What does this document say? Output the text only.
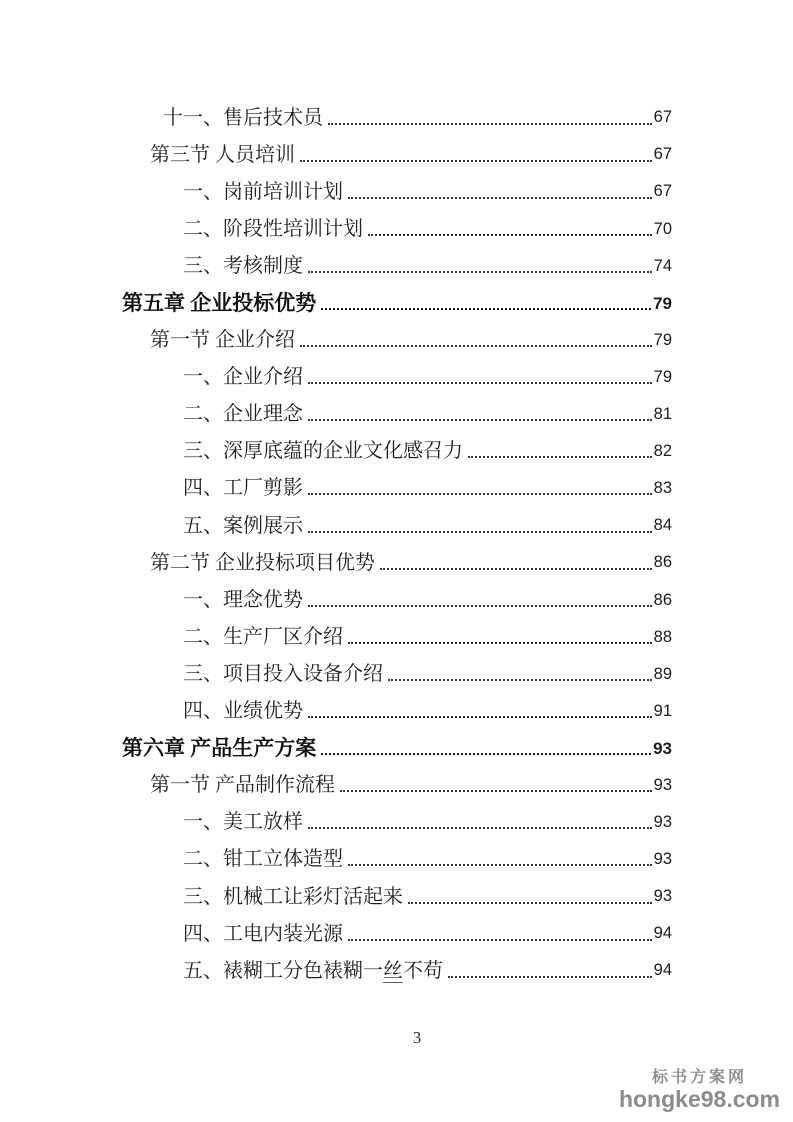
十一、 售后技术员	67
第三节 人员培训	67
一、 岗前培训计划	67
二、 阶段性培训计划	70
三、 考核制度	74
第五章 企业投标优势	79
第一节 企业介绍	79
一、 企业介绍	79
二、 企业理念	81
三、 深厚底蕴的企业文化感召力	82
四、 工厂剪影	83
五、 案例展示	84
第二节 企业投标项目优势	86
一、 理念优势	86
二、 生产厂区介绍	88
三、 项目投入设备介绍	89
四、 业绩优势	91
第六章 产品生产方案	93
第一节 产品制作流程	93
一、 美工放样	93
二、 钳工立体造型	93
三、 机械工让彩灯活起来	93
四、 工电内装光源	94
五、 裱糊工分色裱糊一丝不苟	94
3
标书方案网
hongke98.com
